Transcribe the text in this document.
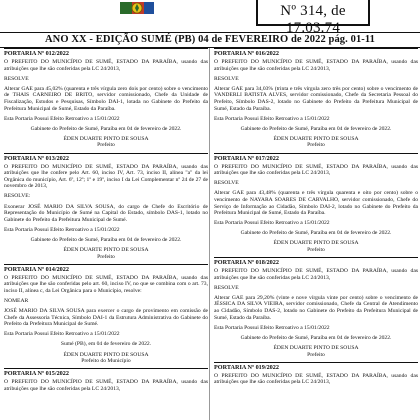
Nº 314, de 17.03.74
ANO XX - EDIÇÃO SUMÉ (PB) 04 de FEVEREIRO de 2022 pág. 01-11
PORTARIA Nº 012/2022

O PREFEITO DO MUNICÍPIO DE SUMÉ, ESTADO DA PARAÍBA, usando das atribuições que lhe são conferidas pela LC 24/2013,

RESOLVE

Alterar GAE para 45,02% (quarenta e três vírgula zero dois por cento) sobre o vencimento de THAIS CARNEIRO DE BRITO, servidor comissionado, Chefe da Unidade de Fiscalização, Estudos e Pesquisas, Símbolo DAI-1, lotada no Gabinete do Prefeito da Prefeitura Municipal de Sumé, Estado da Paraíba.

Esta Portaria Possui Efeito Retroativo a 15/01/2022

Gabinete do Prefeito de Sumé, Paraíba em 04 de fevereiro de 2022.

ÉDEN DUARTE PINTO DE SOUSA

Prefeito

PORTARIA Nº 013/2022

O PREFEITO DO MUNICÍPIO DE SUMÉ, ESTADO DA PARAÍBA, usando das atribuições que lhe confere pelo Art. 60, inciso IV, Art. 73, inciso II, alínea "a" da lei Orgânica do município, Art. 6º, 12º; 1º e 19º, inciso I da Lei Complementar nº 24 de 27 de novembro de 2013,

RESOLVE:

Exonerar JOSÉ MARIO DA SILVA SOUSA, do cargo de Chefe do Escritório de Representação do Município de Sumé na Capital do Estado, símbolo DAS-1, lotado no Gabinete do Prefeito da Prefeitura Municipal de Sumé.

Esta Portaria Possui Efeito Retroativo a 15/01/2022

Gabinete do Prefeito de Sumé, Paraíba em 04 de fevereiro de 2022.

ÉDEN DUARTE PINTO DE SOUSA

Prefeito

PORTARIA Nº 014/2022

O PREFEITO DO MUNICÍPIO DE SUMÉ, ESTADO DA PARAÍBA, usando das atribuições que lhe são conferidas pelo art. 60, inciso IV, no que se combina com o art. 73, inciso II, alínea c, da Lei Orgânica para o Município, resolve:

NOMEAR

JOSÉ MARIO DA SILVA SOUSA para exercer o cargo de provimento em comissão de Chefe da Assessoria Técnica, Símbolo DAI-1 da Estrutura Administrativa do Gabinete do Prefeito da Prefeitura Municipal de Sumé.

Esta Portaria Possui Efeito Retroativo a 15/01/2022

Sumé (PB), em 04 de fevereiro de 2022.

ÉDEN DUARTE PINTO DE SOUSA

Prefeito do Município

PORTARIA Nº 015/2022

O PREFEITO DO MUNICÍPIO DE SUMÉ, ESTADO DA PARAÍBA, usando das atribuições que lhe são conferidas pela LC 24/2013,

PORTARIA Nº 016/2022

O PREFEITO DO MUNICÍPIO DE SUMÉ, ESTADO DA PARAÍBA, usando das atribuições que lhe são conferidas pela LC 24/2013,

RESOLVE

Alterar GAE para 34,03% (trinta e três vírgula zero três por cento) sobre o vencimento de VANDERLI BATISTA ALVES, servidor comissionado, Chefe da Secretaria Pessoal do Prefeito, Símbolo DAS-2, lotado no Gabinete do Prefeito da Prefeitura Municipal de Sumé, Estado da Paraíba.

Esta Portaria Possui Efeito Retroativo a 15/01/2022

Gabinete do Prefeito de Sumé, Paraíba em 04 de fevereiro de 2022.

ÉDEN DUARTE PINTO DE SOUSA

Prefeito

PORTARIA Nº 017/2022

O PREFEITO DO MUNICÍPIO DE SUMÉ, ESTADO DA PARAÍBA, usando das atribuições que lhe são conferidas pela LC 24/2013,

RESOLVE

Alterar GAE para 43,48% (quarenta e três vírgula quarenta e oito por cento) sobre o vencimento de NAYARA SOARES DE CARVALHO, servidor comissionado, Chefe do Serviço de Informação ao Cidadão, Símbolo DAI-2, lotado no Gabinete do Prefeito da Prefeitura Municipal de Sumé, Estado da Paraíba.

Esta Portaria Possui Efeito Retroativo a 15/01/2022

Gabinete do Prefeito de Sumé, Paraíba em 04 de fevereiro de 2022.

ÉDEN DUARTE PINTO DE SOUSA

Prefeito

PORTARIA Nº 018/2022

O PREFEITO DO MUNICÍPIO DE SUMÉ, ESTADO DA PARAÍBA, usando das atribuições que lhe são conferidas pela LC 24/2013,

RESOLVE

Alterar GAE para 29,20% (vinte e nove vírgula vinte por cento) sobre o vencimento de JÉSSICA DA SILVA VIEIRA, servidor comissionado, Chefe da Central de Atendimento ao Cidadão, Símbolo DAS-2, lotado no Gabinete do Prefeito da Prefeitura Municipal de Sumé, Estado da Paraíba.

Esta Portaria Possui Efeito Retroativo a 15/01/2022

Gabinete do Prefeito de Sumé, Paraíba em 04 de fevereiro de 2022.

ÉDEN DUARTE PINTO DE SOUSA

Prefeito

PORTARIA Nº 019/2022

O PREFEITO DO MUNICÍPIO DE SUMÉ, ESTADO DA PARAÍBA, usando das atribuições que lhe são conferidas pela LC 24/2013,
